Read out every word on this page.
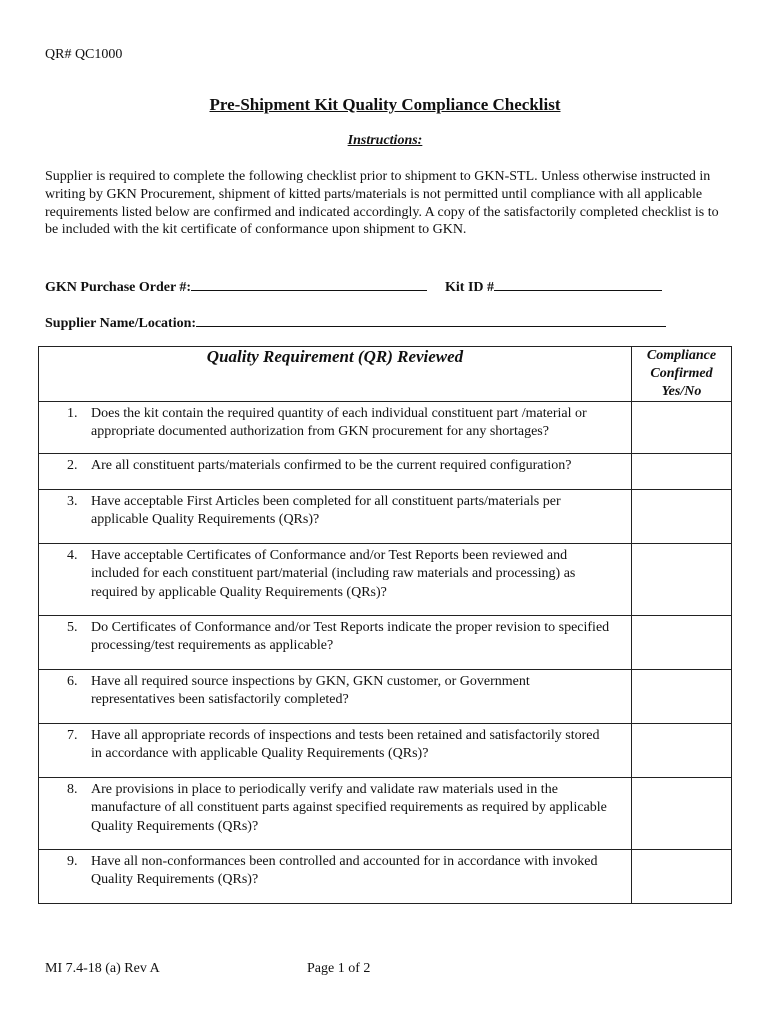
QR# QC1000
Pre-Shipment Kit Quality Compliance Checklist
Instructions:
Supplier is required to complete the following checklist prior to shipment to GKN-STL. Unless otherwise instructed in writing by GKN Procurement, shipment of kitted parts/materials is not permitted until compliance with all applicable requirements listed below are confirmed and indicated accordingly. A copy of the satisfactorily completed checklist is to be included with the kit certificate of conformance upon shipment to GKN.
GKN Purchase Order #:	Kit ID #
Supplier Name/Location:
Quality Requirement (QR) Reviewed	Compliance
Confirmed
Yes/No

1. Does the kit contain the required quantity of each individual constituent part /material or appropriate documented authorization from GKN procurement for any shortages?	

2. Are all constituent parts/materials confirmed to be the current required configuration?	

3. Have acceptable First Articles been completed for all constituent parts/materials per applicable Quality Requirements (QRs)?	

4. Have acceptable Certificates of Conformance and/or Test Reports been reviewed and included for each constituent part/material (including raw materials and processing) as required by applicable Quality Requirements (QRs)?	

5. Do Certificates of Conformance and/or Test Reports indicate the proper revision to specified processing/test requirements as applicable?	

6. Have all required source inspections by GKN, GKN customer, or Government representatives been satisfactorily completed?	

7. Have all appropriate records of inspections and tests been retained and satisfactorily stored in accordance with applicable Quality Requirements (QRs)?	

8. Are provisions in place to periodically verify and validate raw materials used in the manufacture of all constituent parts against specified requirements as required by applicable Quality Requirements (QRs)?	

9. Have all non-conformances been controlled and accounted for in accordance with invoked Quality Requirements (QRs)?	

MI 7.4-18 (a) Rev A	Page 1 of 2
